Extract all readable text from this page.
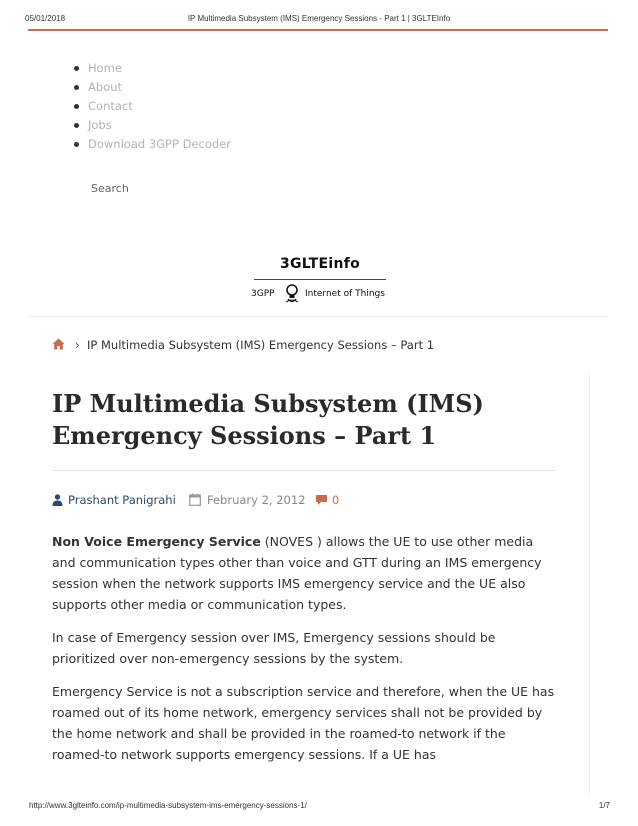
05/01/2018	IP Multimedia Subsystem (IMS) Emergency Sessions - Part 1 | 3GLTEInfo
Home
About
Contact
Jobs
Download 3GPP Decoder
Search
3GLTEinfo
3GPP	Internet of Things
› IP Multimedia Subsystem (IMS) Emergency Sessions – Part 1
IP Multimedia Subsystem (IMS) Emergency Sessions – Part 1
Prashant Panigrahi	February 2, 2012 0

Non Voice Emergency Service (NOVES ) allows the UE to use other media and communication types other than voice and GTT during an IMS emergency session when the network supports IMS emergency service and the UE also supports other media or communication types.

In case of Emergency session over IMS, Emergency sessions should be prioritized over non-emergency sessions by the system.

Emergency Service is not a subscription service and therefore, when the UE has roamed out of its home network, emergency services shall not be provided by the home network and shall be provided in the roamed-to network if the roamed-to network supports emergency sessions. If a UE has

http://www.3glteinfo.com/ip-multimedia-subsystem-ims-emergency-sessions-1/	1/7
